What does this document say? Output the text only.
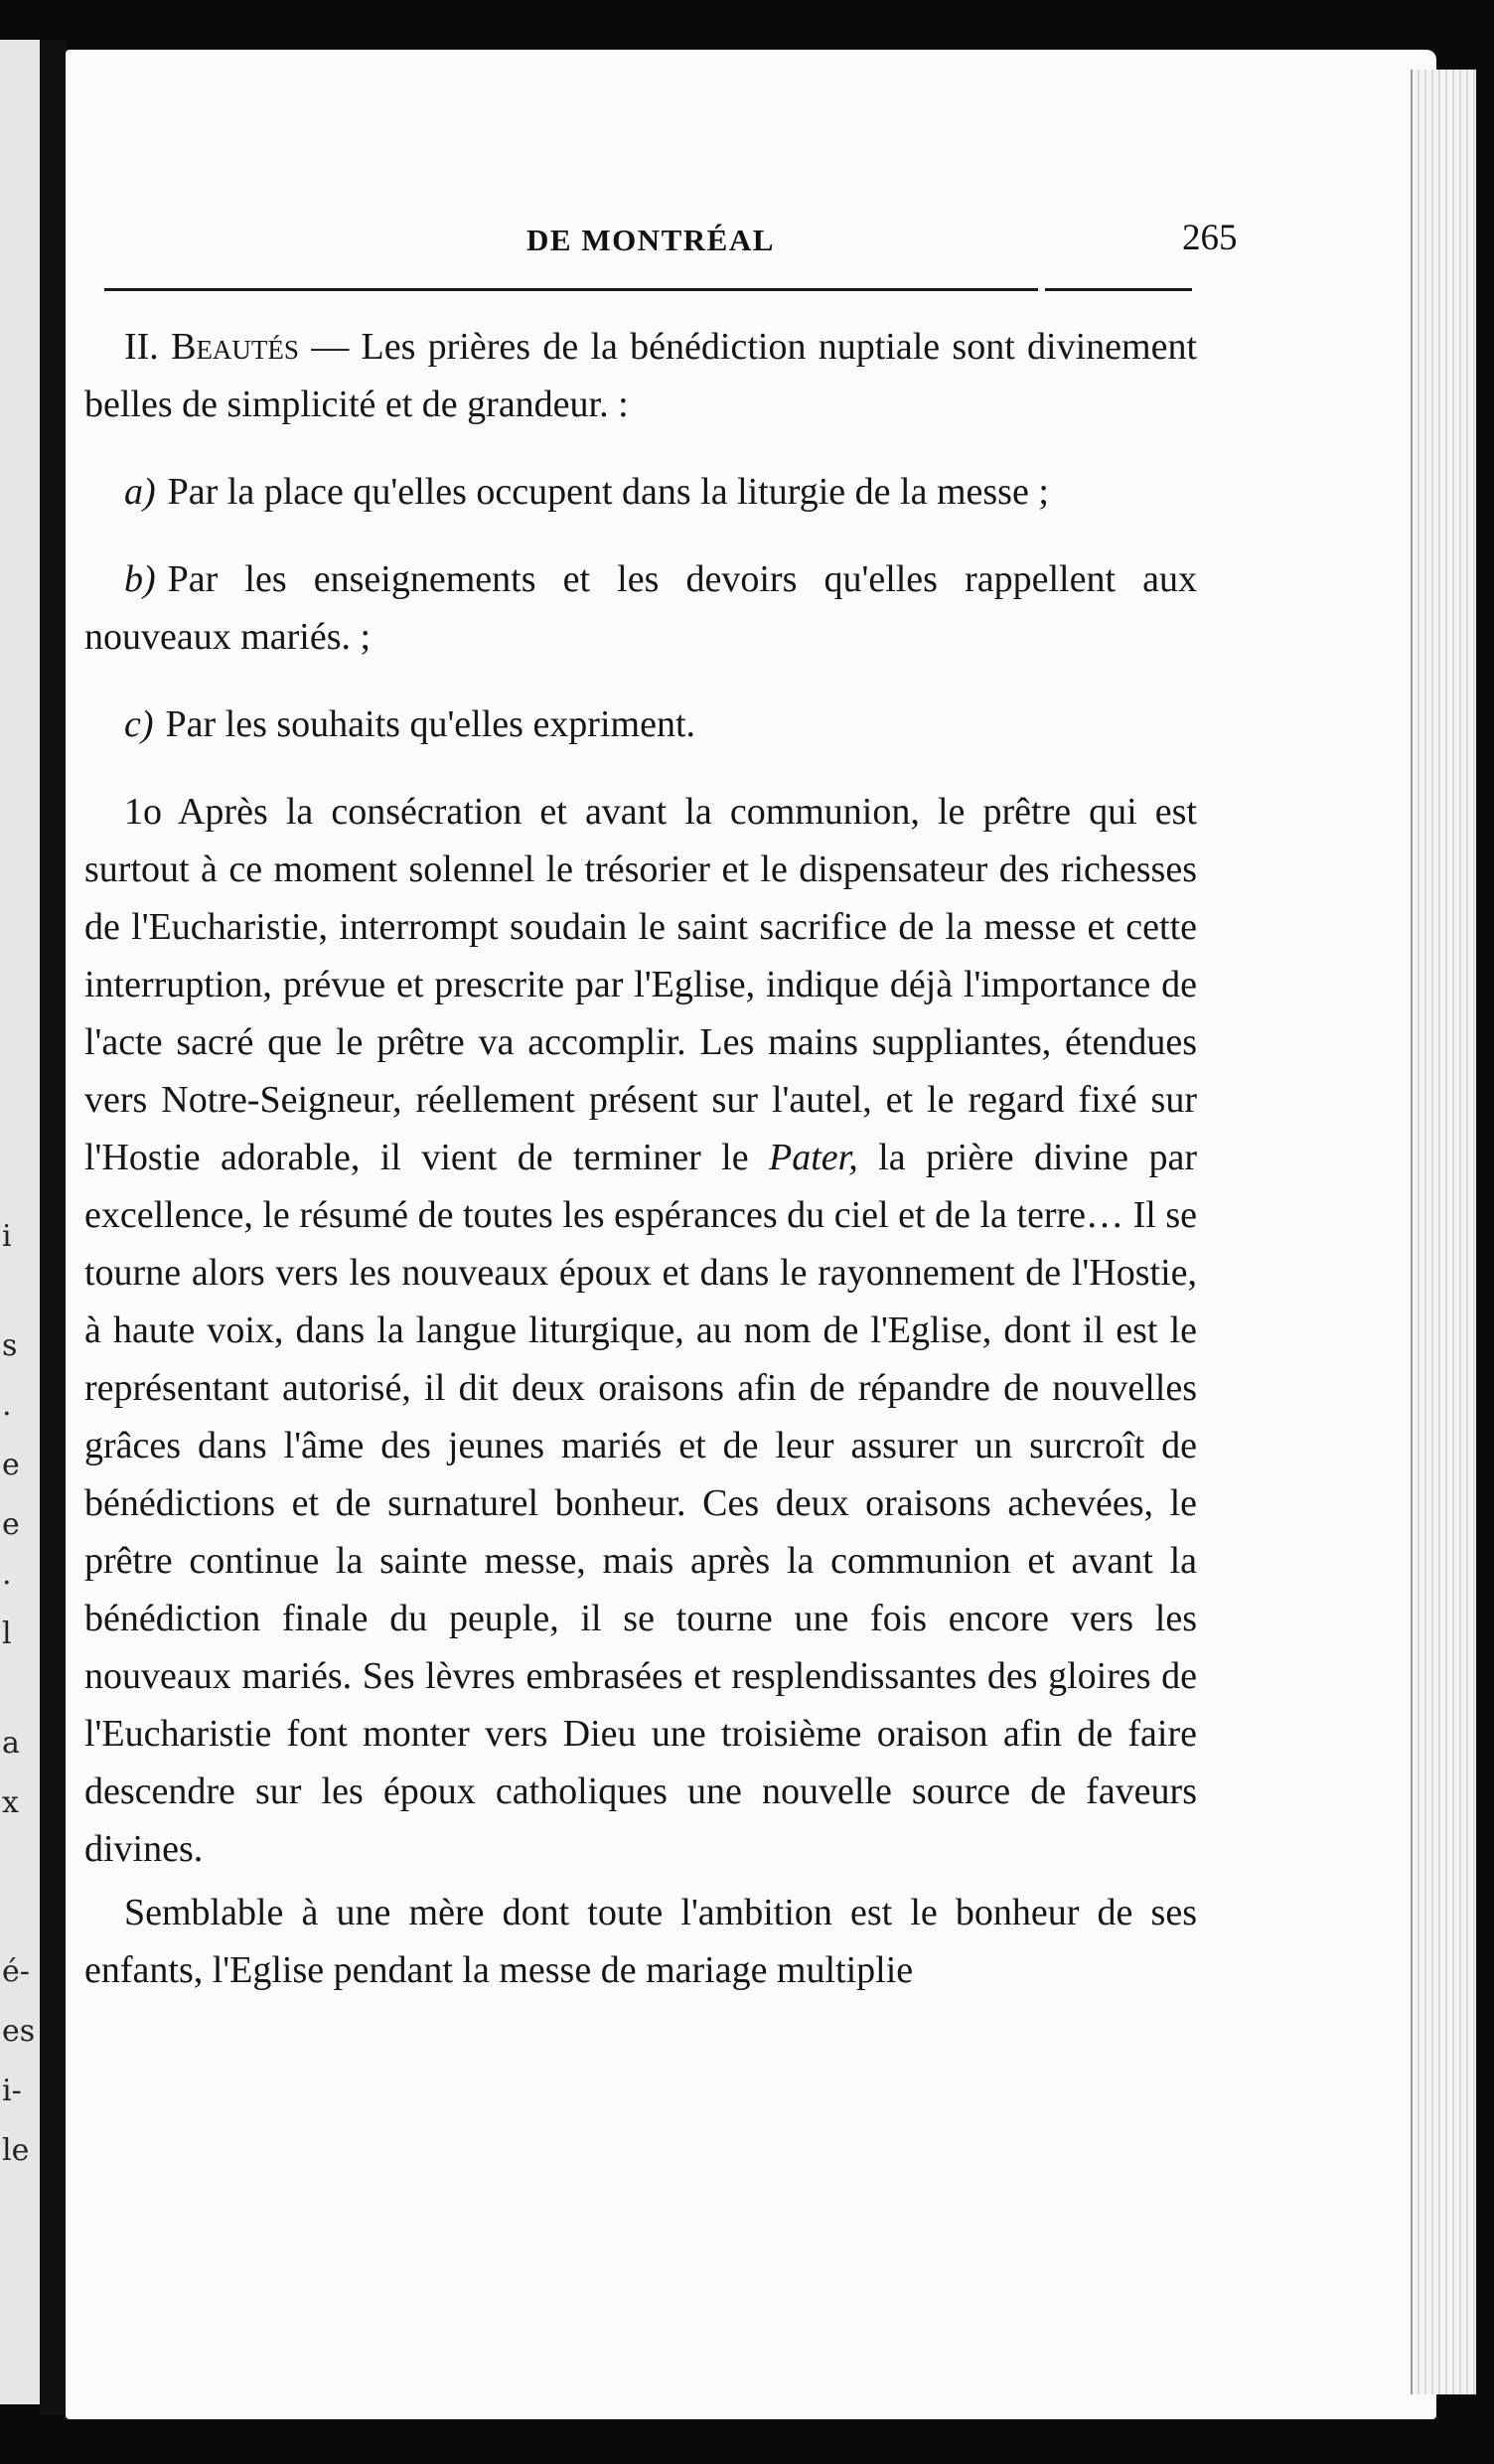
i
s
.
e
e
.
l
a
x
é-
es
i-
le
DE MONTRÉAL	265

II. Beautés — Les prières de la bénédiction nuptiale sont divinement belles de simplicité et de grandeur. :

a) Par la place qu'elles occupent dans la liturgie de la messe ;

b) Par les enseignements et les devoirs qu'elles rappellent aux nouveaux mariés. ;

c) Par les souhaits qu'elles expriment.

1o Après la consécration et avant la communion, le prêtre qui est surtout à ce moment solennel le trésorier et le dispensateur des richesses de l'Eucharistie, interrompt soudain le saint sacrifice de la messe et cette interruption, prévue et prescrite par l'Eglise, indique déjà l'importance de l'acte sacré que le prêtre va accomplir. Les mains suppliantes, étendues vers Notre-Seigneur, réellement présent sur l'autel, et le regard fixé sur l'Hostie adorable, il vient de terminer le Pater, la prière divine par excellence, le résumé de toutes les espérances du ciel et de la terre… Il se tourne alors vers les nouveaux époux et dans le rayonnement de l'Hostie, à haute voix, dans la langue liturgique, au nom de l'Eglise, dont il est le représentant autorisé, il dit deux oraisons afin de répandre de nouvelles grâces dans l'âme des jeunes mariés et de leur assurer un surcroît de bénédictions et de surnaturel bonheur. Ces deux oraisons achevées, le prêtre continue la sainte messe, mais après la communion et avant la bénédiction finale du peuple, il se tourne une fois encore vers les nouveaux mariés. Ses lèvres embrasées et resplendissantes des gloires de l'Eucharistie font monter vers Dieu une troisième oraison afin de faire descendre sur les époux catholiques une nouvelle source de faveurs divines.

Semblable à une mère dont toute l'ambition est le bonheur de ses enfants, l'Eglise pendant la messe de mariage multiplie
